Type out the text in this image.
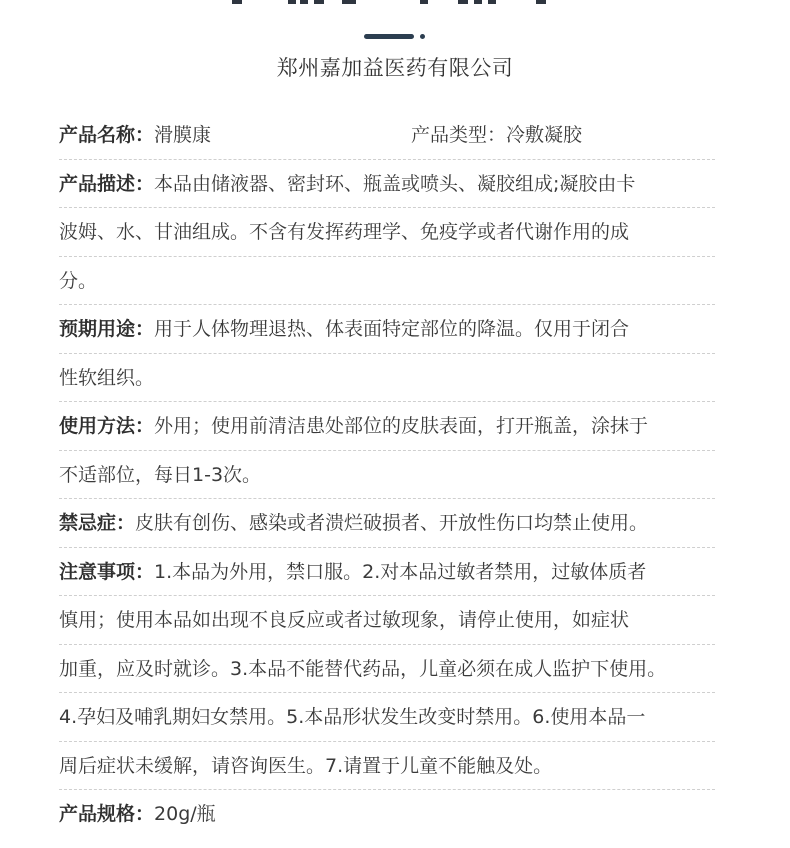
郑州嘉加益医药有限公司
产品名称：滑膜康	产品类型：冷敷凝胶
产品描述：本品由储液器、密封环、瓶盖或喷头、凝胶组成;凝胶由卡
波姆、水、甘油组成。不含有发挥药理学、免疫学或者代谢作用的成
分。
预期用途：用于人体物理退热、体表面特定部位的降温。仅用于闭合
性软组织。
使用方法：外用；使用前清洁患处部位的皮肤表面，打开瓶盖，涂抹于
不适部位，每日1-3次。
禁忌症：皮肤有创伤、感染或者溃烂破损者、开放性伤口均禁止使用。
注意事项：1.本品为外用，禁口服。2.对本品过敏者禁用，过敏体质者
慎用；使用本品如出现不良反应或者过敏现象，请停止使用，如症状
加重，应及时就诊。3.本品不能替代药品，儿童必须在成人监护下使用。
4.孕妇及哺乳期妇女禁用。5.本品形状发生改变时禁用。6.使用本品一
周后症状未缓解，请咨询医生。7.请置于儿童不能触及处。
产品规格：20g/瓶
